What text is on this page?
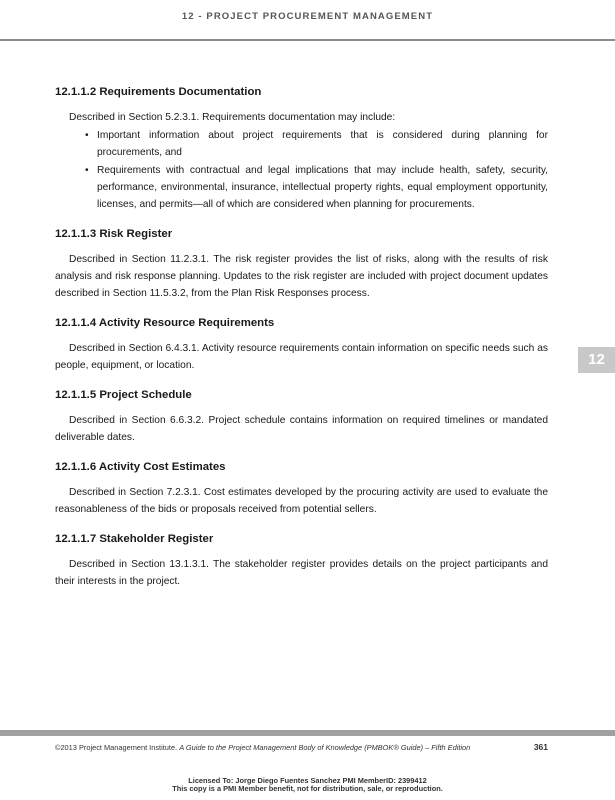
12 - PROJECT PROCUREMENT MANAGEMENT
12.1.1.2 Requirements Documentation

Described in Section 5.2.3.1. Requirements documentation may include:

• Important information about project requirements that is considered during planning for procurements, and
• Requirements with contractual and legal implications that may include health, safety, security, performance, environmental, insurance, intellectual property rights, equal employment opportunity, licenses, and permits—all of which are considered when planning for procurements.
12.1.1.3 Risk Register

Described in Section 11.2.3.1. The risk register provides the list of risks, along with the results of risk analysis and risk response planning. Updates to the risk register are included with project document updates described in Section 11.5.3.2, from the Plan Risk Responses process.

12.1.1.4 Activity Resource Requirements

Described in Section 6.4.3.1. Activity resource requirements contain information on specific needs such as people, equipment, or location.

12.1.1.5 Project Schedule

Described in Section 6.6.3.2. Project schedule contains information on required timelines or mandated deliverable dates.

12.1.1.6 Activity Cost Estimates

Described in Section 7.2.3.1. Cost estimates developed by the procuring activity are used to evaluate the reasonableness of the bids or proposals received from potential sellers.

12.1.1.7 Stakeholder Register

Described in Section 13.1.3.1. The stakeholder register provides details on the project participants and their interests in the project.

12
©2013 Project Management Institute. A Guide to the Project Management Body of Knowledge (PMBOK® Guide) – Fifth Edition	361
Licensed To: Jorge Diego Fuentes Sanchez PMI MemberID: 2399412
This copy is a PMI Member benefit, not for distribution, sale, or reproduction.
